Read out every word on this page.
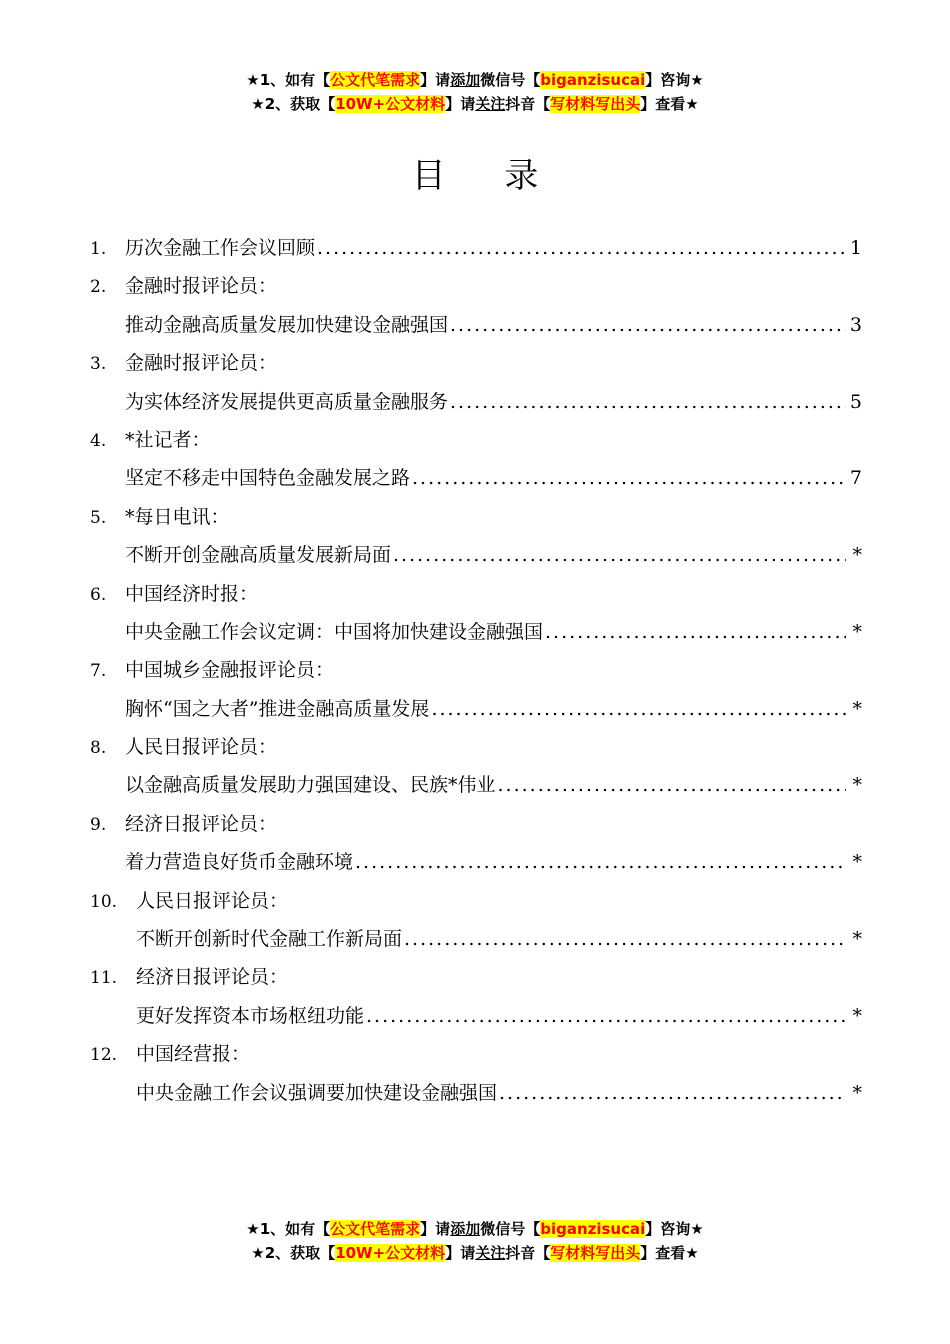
★1、如有【公文代笔需求】请添加微信号【biganzisucai】咨询★
★2、获取【10W+公文材料】请关注抖音【写材料写出头】查看★
目 录
1. 历次金融工作会议回顾 .....	1
2. 金融时报评论员：
推动金融高质量发展加快建设金融强国 .....	3
3. 金融时报评论员：
为实体经济发展提供更高质量金融服务 .....	5
4. *社记者：
坚定不移走中国特色金融发展之路 .....	7
5. *每日电讯：
不断开创金融高质量发展新局面 .....	*
6. 中国经济时报：
中央金融工作会议定调：中国将加快建设金融强国 .....	*
7. 中国城乡金融报评论员：
胸怀“国之大者”推进金融高质量发展 .....	*
8. 人民日报评论员：
以金融高质量发展助力强国建设、民族*伟业 .....	*
9. 经济日报评论员：
着力营造良好货币金融环境 .....	*
10. 人民日报评论员：
不断开创新时代金融工作新局面 .....	*
11. 经济日报评论员：
更好发挥资本市场枢纽功能 .....	*
12. 中国经营报：
中央金融工作会议强调要加快建设金融强国 .....	*
★1、如有【公文代笔需求】请添加微信号【biganzisucai】咨询★
★2、获取【10W+公文材料】请关注抖音【写材料写出头】查看★
